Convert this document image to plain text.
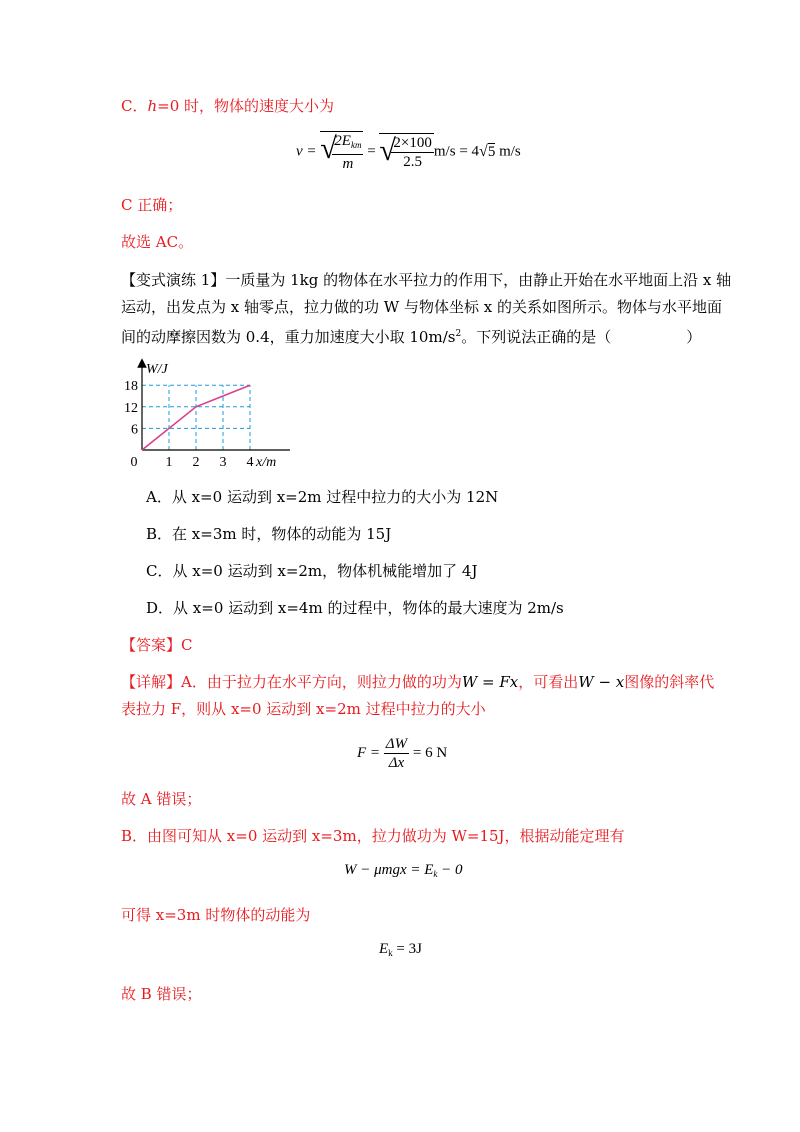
C．h=0 时，物体的速度大小为
v = √
$\frac{2E_{km}}{m}$ = √
$\frac{2\times 100}{2.5} m/s = 4√5$ m/s
C 正确；
故选 AC。
【变式演练 1】一质量为 1kg 的物体在水平拉力的作用下，由静止开始在水平地面上沿 x 轴
运动，出发点为 x 轴零点，拉力做的功 W 与物体坐标 x 的关系如图所示。物体与水平地面
间的动摩擦因数为 0.4，重力加速度大小取 $10m/s^2$。下列说法正确的是（　　　　　）
6
12
18
0 1 2 3 4
W/J
x/m
A．从 x=0 运动到 x=2m 过程中拉力的大小为 12N
B．在 x=3m 时，物体的动能为 15J
C．从 x=0 运动到 x=2m，物体机械能增加了 4J
D．从 x=0 运动到 x=4m 的过程中，物体的最大速度为 2m/s
【答案】C
【详解】A．由于拉力在水平方向，则拉力做的功为W = Fx，可看出W − x图像的斜率代
表拉力 F，则从 x=0 运动到 x=2m 过程中拉力的大小
$F = \frac{\Delta W}{\Delta x} = 6$ N
故 A 错误；
B．由图可知从 x=0 运动到 x=3m，拉力做功为 W=15J，根据动能定理有
$W - \mu mgx = E_k - 0$
可得 x=3m 时物体的动能为
$E_k = 3J$
故 B 错误；
